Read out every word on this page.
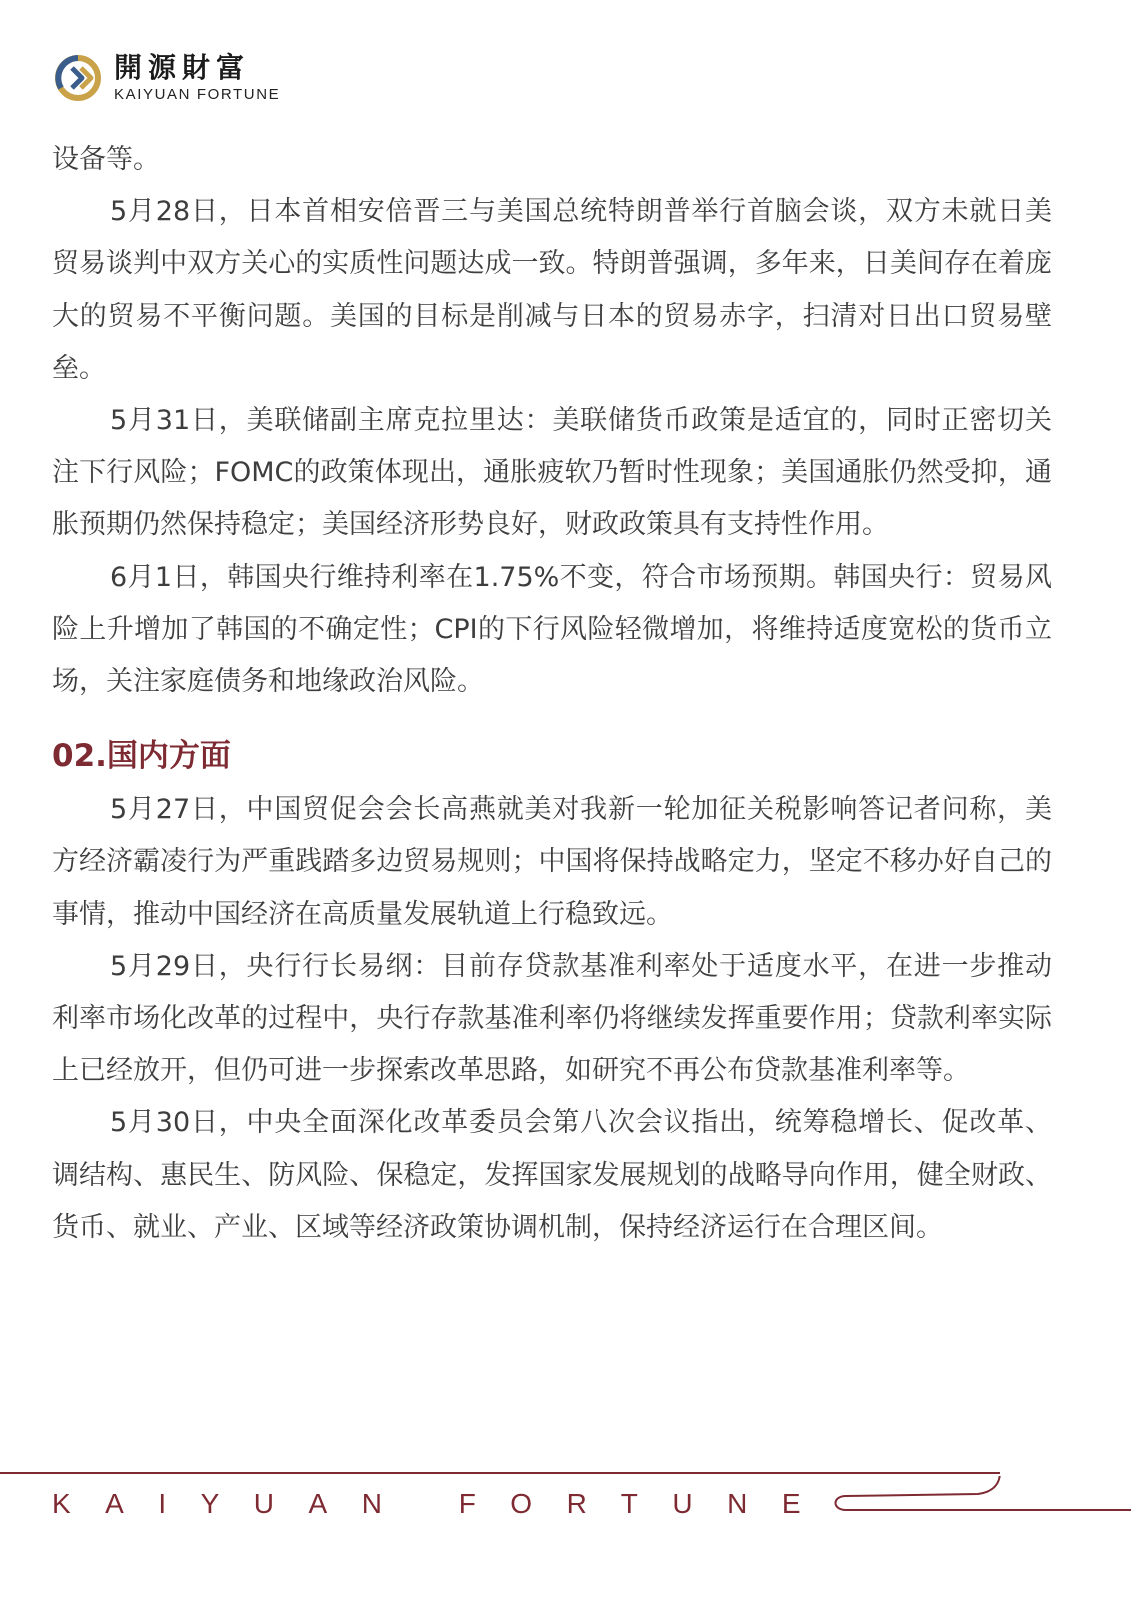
開源財富
KAIYUAN FORTUNE

设备等。

5月28日，日本首相安倍晋三与美国总统特朗普举行首脑会谈，双方未就日美贸易谈判中双方关心的实质性问题达成一致。特朗普强调，多年来，日美间存在着庞大的贸易不平衡问题。美国的目标是削减与日本的贸易赤字，扫清对日出口贸易壁垒。

5月31日，美联储副主席克拉里达：美联储货币政策是适宜的，同时正密切关注下行风险；FOMC的政策体现出，通胀疲软乃暂时性现象；美国通胀仍然受抑，通胀预期仍然保持稳定；美国经济形势良好，财政政策具有支持性作用。

6月1日，韩国央行维持利率在1.75%不变，符合市场预期。韩国央行：贸易风险上升增加了韩国的不确定性；CPI的下行风险轻微增加，将维持适度宽松的货币立场，关注家庭债务和地缘政治风险。

02.国内方面

5月27日，中国贸促会会长高燕就美对我新一轮加征关税影响答记者问称，美方经济霸凌行为严重践踏多边贸易规则；中国将保持战略定力，坚定不移办好自己的事情，推动中国经济在高质量发展轨道上行稳致远。

5月29日，央行行长易纲：目前存贷款基准利率处于适度水平，在进一步推动利率市场化改革的过程中，央行存款基准利率仍将继续发挥重要作用；贷款利率实际上已经放开，但仍可进一步探索改革思路，如研究不再公布贷款基准利率等。

5月30日，中央全面深化改革委员会第八次会议指出，统筹稳增长、促改革、调结构、惠民生、防风险、保稳定，发挥国家发展规划的战略导向作用，健全财政、货币、就业、产业、区域等经济政策协调机制，保持经济运行在合理区间。

KAIYUAN FORTUNE
